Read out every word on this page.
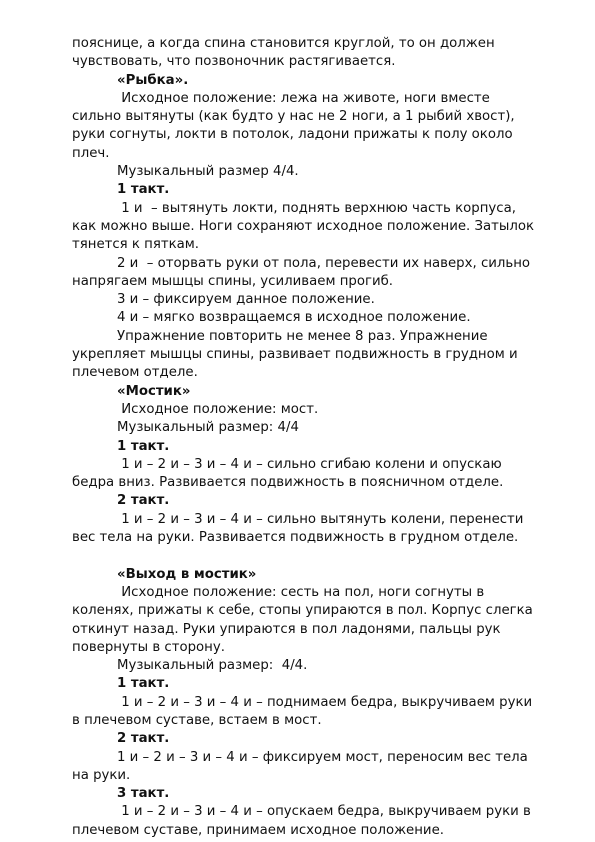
пояснице, а когда спина становится круглой, то он должен
чувствовать, что позвоночник растягивается.
«Рыбка».
Исходное положение: лежа на животе, ноги вместе
сильно вытянуты (как будто у нас не 2 ноги, а 1 рыбий хвост),
руки согнуты, локти в потолок, ладони прижаты к полу около
плеч.
Музыкальный размер 4/4.
1 такт.
1 и  – вытянуть локти, поднять верхнюю часть корпуса,
как можно выше. Ноги сохраняют исходное положение. Затылок
тянется к пяткам.
2 и  – оторвать руки от пола, перевести их наверх, сильно
напрягаем мышцы спины, усиливаем прогиб.
3 и – фиксируем данное положение.
4 и – мягко возвращаемся в исходное положение.
Упражнение повторить не менее 8 раз. Упражнение
укрепляет мышцы спины, развивает подвижность в грудном и
плечевом отделе.
«Мостик»
Исходное положение: мост.
Музыкальный размер: 4/4
1 такт.
1 и – 2 и – 3 и – 4 и – сильно сгибаю колени и опускаю
бедра вниз. Развивается подвижность в поясничном отделе.
2 такт.
1 и – 2 и – 3 и – 4 и – сильно вытянуть колени, перенести
вес тела на руки. Развивается подвижность в грудном отделе.
«Выход в мостик»
Исходное положение: сесть на пол, ноги согнуты в
коленях, прижаты к себе, стопы упираются в пол. Корпус слегка
откинут назад. Руки упираются в пол ладонями, пальцы рук
повернуты в сторону.
Музыкальный размер:  4/4.
1 такт.
1 и – 2 и – 3 и – 4 и – поднимаем бедра, выкручиваем руки
в плечевом суставе, встаем в мост.
2 такт.
1 и – 2 и – 3 и – 4 и – фиксируем мост, переносим вес тела
на руки.
3 такт.
1 и – 2 и – 3 и – 4 и – опускаем бедра, выкручиваем руки в
плечевом суставе, принимаем исходное положение.
